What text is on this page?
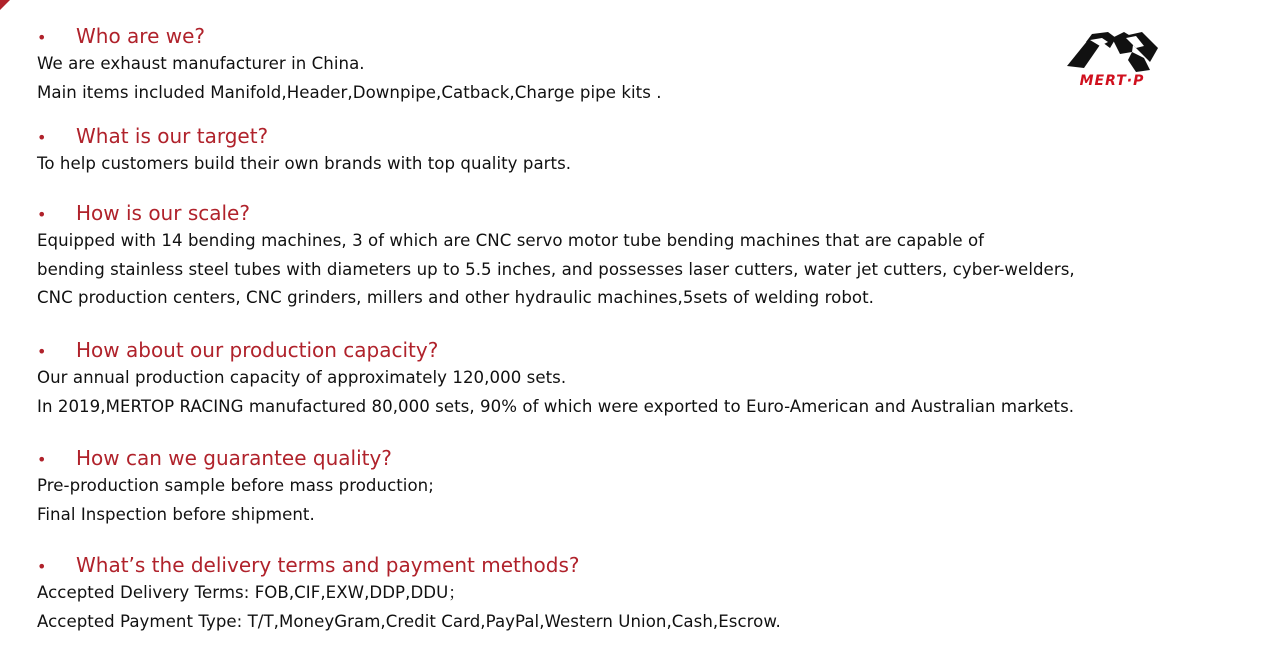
MERT·P
•	Who are we?
We are exhaust manufacturer in China.
Main items included Manifold,Header,Downpipe,Catback,Charge pipe kits .
•	What is our target?
To help customers build their own brands with top quality parts.
•	How is our scale?
Equipped with 14 bending machines, 3 of which are CNC servo motor tube bending machines that are capable of
bending stainless steel tubes with diameters up to 5.5 inches, and possesses laser cutters, water jet cutters, cyber-welders,
CNC production centers, CNC grinders, millers and other hydraulic machines,5sets of welding robot.
•	How about our production capacity?
Our annual production capacity of approximately 120,000 sets.
In 2019,MERTOP RACING manufactured 80,000 sets, 90% of which were exported to Euro-American and Australian markets.
•	How can we guarantee quality?
Pre-production sample before mass production;
Final Inspection before shipment.
•	What’s the delivery terms and payment methods?
Accepted Delivery Terms: FOB,CIF,EXW,DDP,DDU；
Accepted Payment Type: T/T,MoneyGram,Credit Card,PayPal,Western Union,Cash,Escrow.
